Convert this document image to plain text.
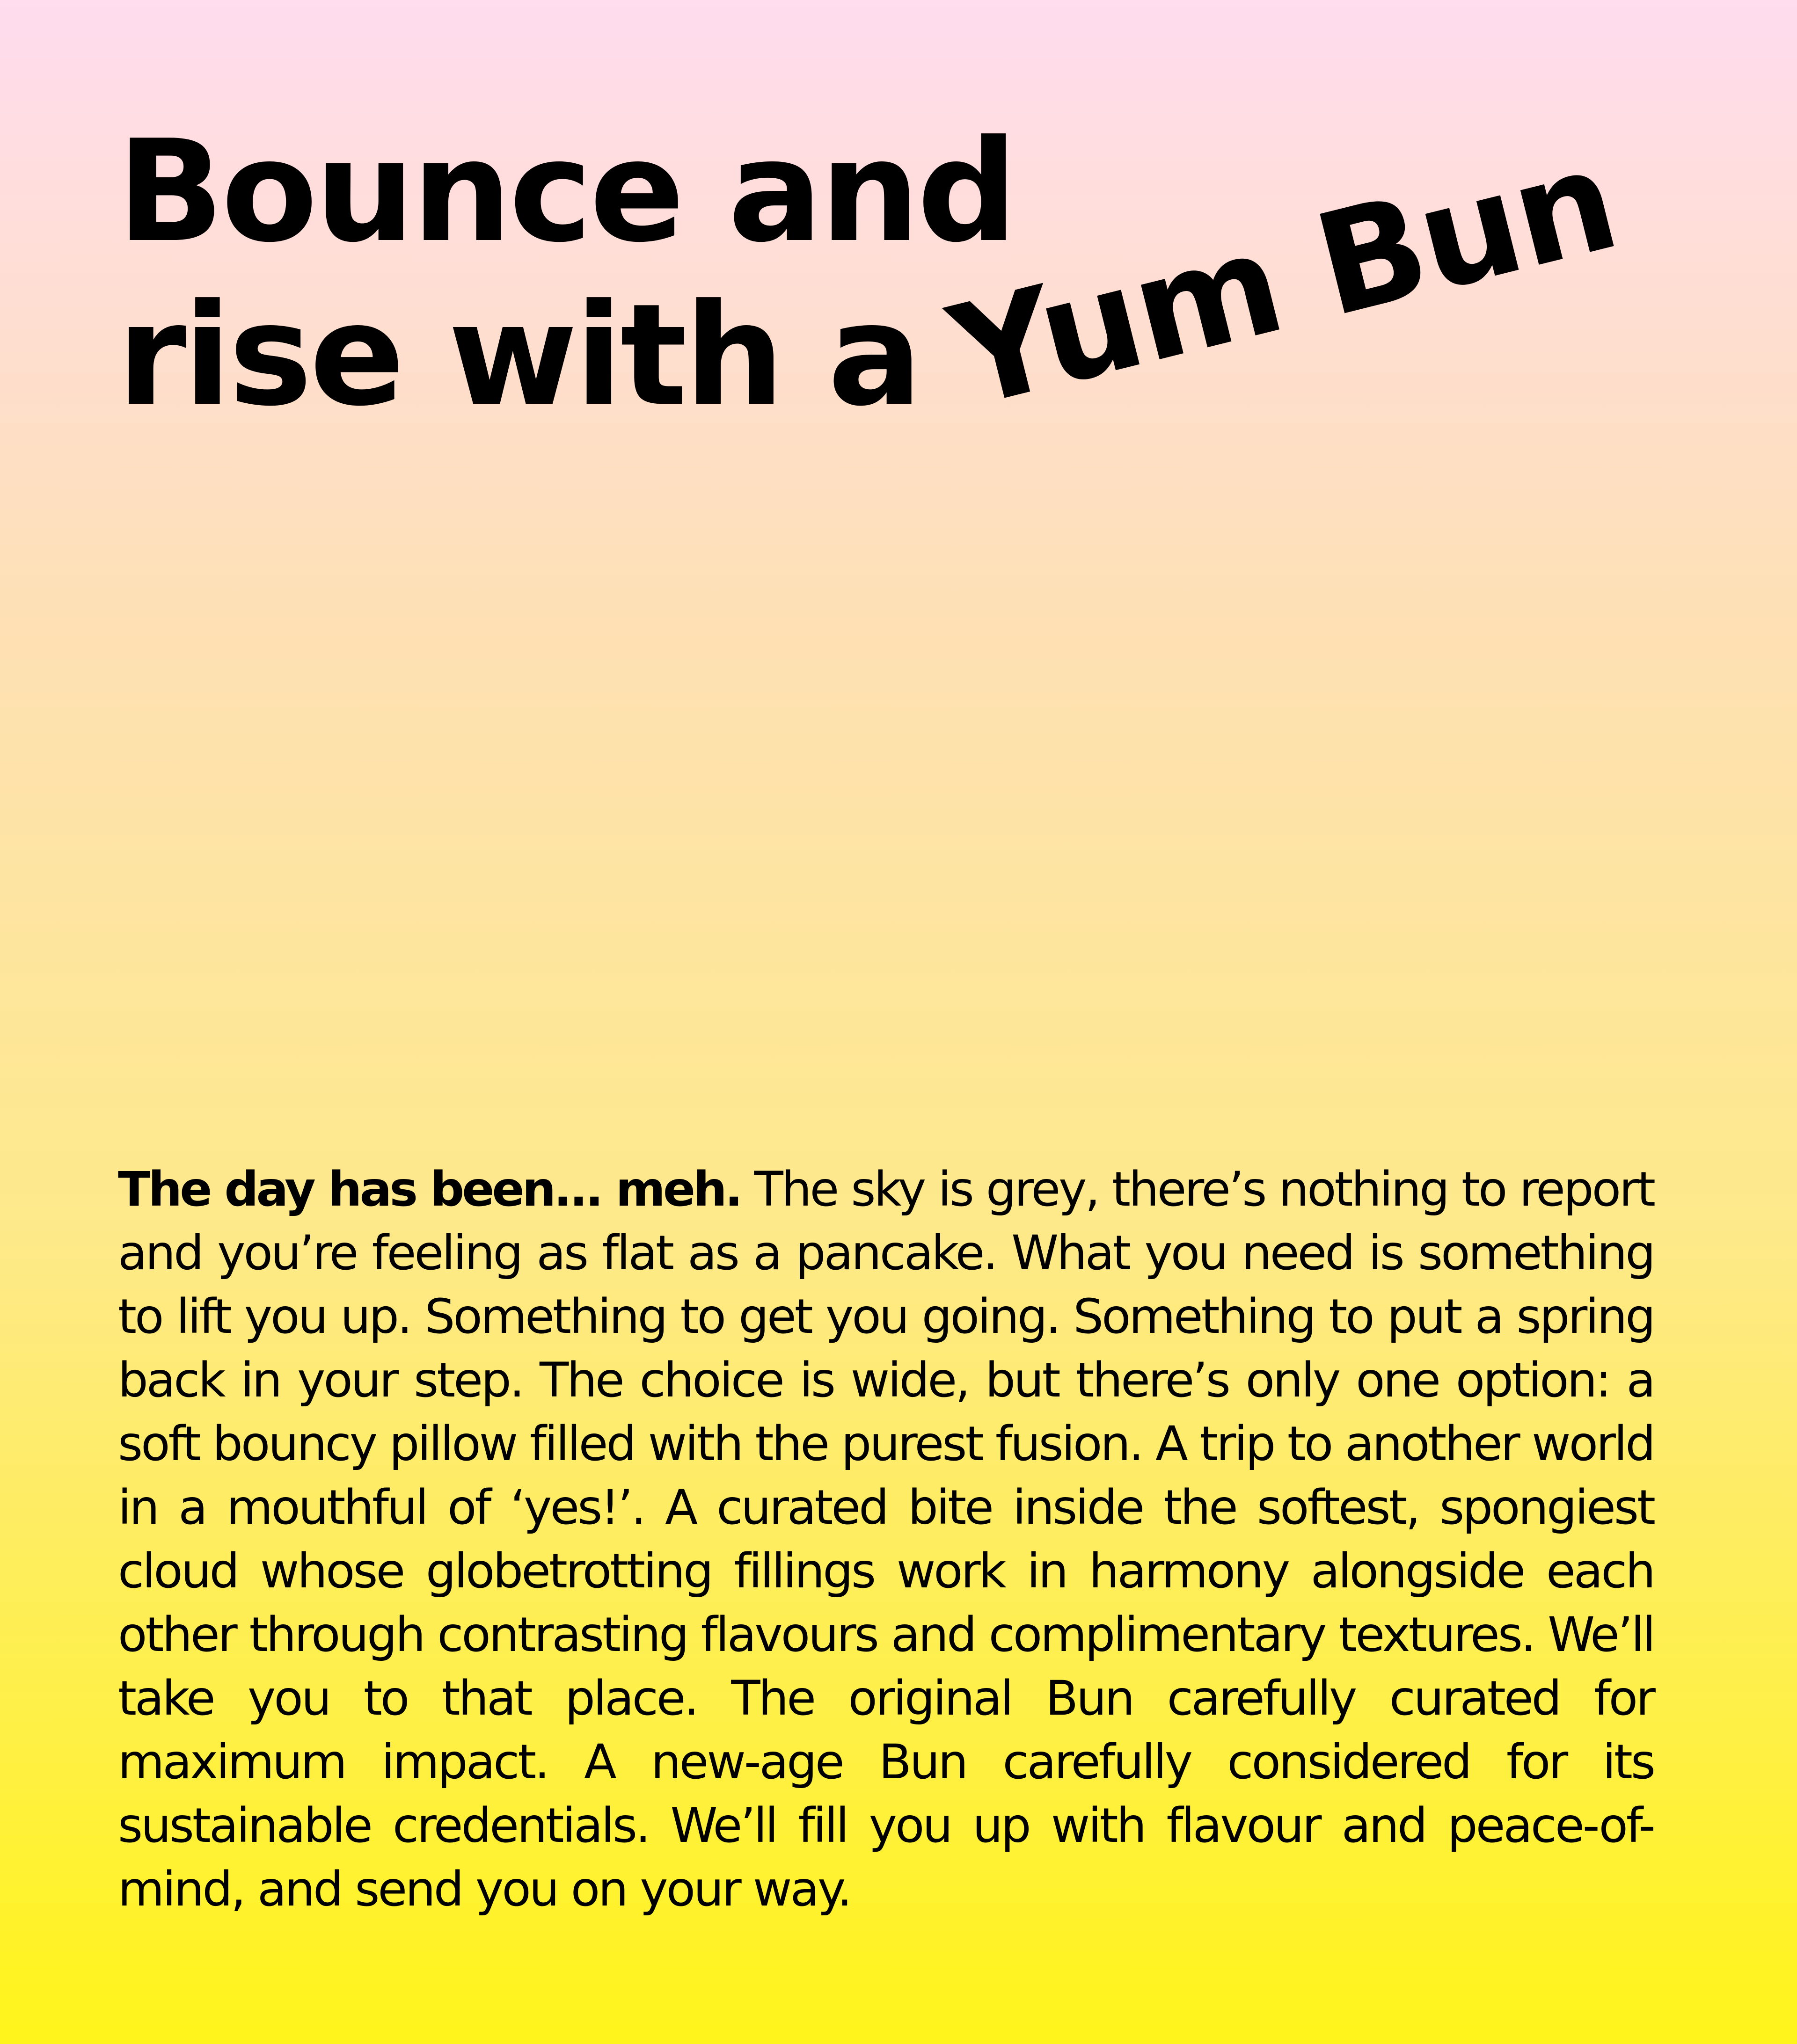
Bounce and
rise with a Yum Bun

The day has been... meh. The sky is grey, there’s nothing to report and you’re feeling as flat as a pancake. What you need is something to lift you up. Something to get you going. Something to put a spring back in your step. The choice is wide, but there’s only one option: a soft bouncy pillow filled with the purest fusion. A trip to another world in a mouthful of ‘yes!’. A curated bite inside the softest, spongiest cloud whose globetrotting fillings work in harmony alongside each other through contrasting flavours and complimentary textures. We’ll take you to that place. The original Bun carefully curated for maximum impact. A new-age Bun carefully considered for its sustainable credentials. We’ll fill you up with flavour and peace-of-mind, and send you on your way.
